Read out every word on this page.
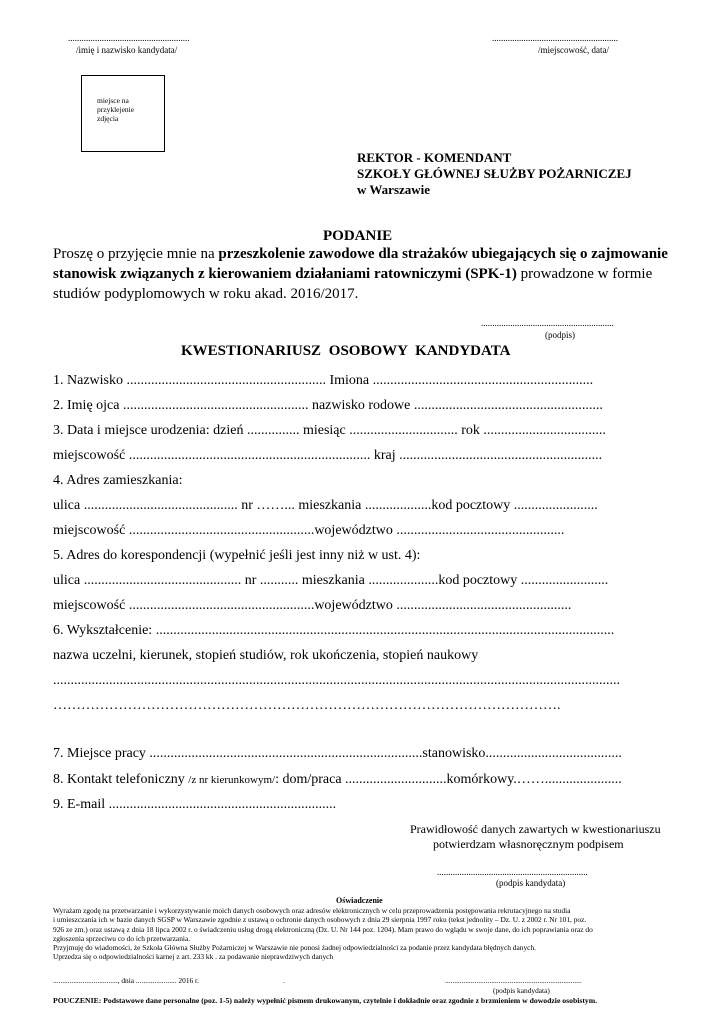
......................................................
/imię i nazwisko kandydata/
........................................................
/miejscowość, data/
miejsce na przyklejenie zdjęcia
REKTOR - KOMENDANT
SZKOŁY GŁÓWNEJ SŁUŻBY POŻARNICZEJ
w Warszawie
PODANIE
Proszę o przyjęcie mnie na przeszkolenie zawodowe dla strażaków ubiegających się o zajmowanie
stanowisk związanych z kierowaniem działaniami ratowniczymi (SPK-1) prowadzone w formie
studiów podyplomowych w roku akad. 2016/2017.
...........................................................
(podpis)
KWESTIONARIUSZ OSOBOWY KANDYDATA
1. Nazwisko ......................................................... Imiona ...............................................................
2. Imię ojca ..................................................... nazwisko rodowe ......................................................
3. Data i miejsce urodzenia: dzień ............... miesiąc ............................... rok ...................................
miejscowość ..................................................................... kraj ..........................................................
4. Adres zamieszkania:
ulica ............................................ nr ……... mieszkania ...................kod pocztowy ........................
miejscowość .....................................................województwo ................................................
5. Adres do korespondencji (wypełnić jeśli jest inny niż w ust. 4):
ulica ............................................. nr ........... mieszkania ....................kod pocztowy .........................
miejscowość .....................................................województwo ..................................................
6. Wykształcenie: ...................................................................................................................................
nazwa uczelni, kierunek, stopień studiów, rok ukończenia, stopień naukowy
..................................................................................................................................................................
……………………………………………………………………………………………….
7. Miejsce pracy ..............................................................................stanowisko.......................................
8. Kontakt telefoniczny /z nr kierunkowym/: dom/praca .............................komórkowy.……......................
9. E-mail .................................................................
Prawidłowość danych zawartych w kwestionariuszu
potwierdzam własnoręcznym podpisem
...................................................................
(podpis kandydata)
Oświadczenie
Wyrażam zgodę na przetwarzanie i wykorzystywanie moich danych osobowych oraz adresów elektronicznych w celu przeprowadzenia postępowania rekrutacyjnego na studia
i umieszczania ich w bazie danych SGSP w Warszawie zgodnie z ustawą o ochronie danych osobowych z dnia 29 sierpnia 1997 roku (tekst jednolity – Dz. U. z 2002 r. Nr 101, poz.
926 ze zm.) oraz ustawą z dnia 18 lipca 2002 r. o świadczeniu usług drogą elektroniczną (Dz. U. Nr 144 poz. 1204). Mam prawo do wglądu w swoje dane, do ich poprawiania oraz do
zgłoszenia sprzeciwu co do ich przetwarzania.
Przyjmuję do wiadomości, że Szkoła Główna Służby Pożarniczej w Warszawie nie ponosi żadnej odpowiedzialności za podanie przez kandydata błędnych danych.
Uprzedza się o odpowiedzialności karnej z art. 233 kk . za podawanie nieprawdziwych danych
..................................., dnia ...................... 2016 r.	.	..........................................................................
(podpis kandydata)
POUCZENIE: Podstawowe dane personalne (poz. 1-5) należy wypełnić pismem drukowanym, czytelnie i dokładnie oraz zgodnie z brzmieniem w dowodzie osobistym.
